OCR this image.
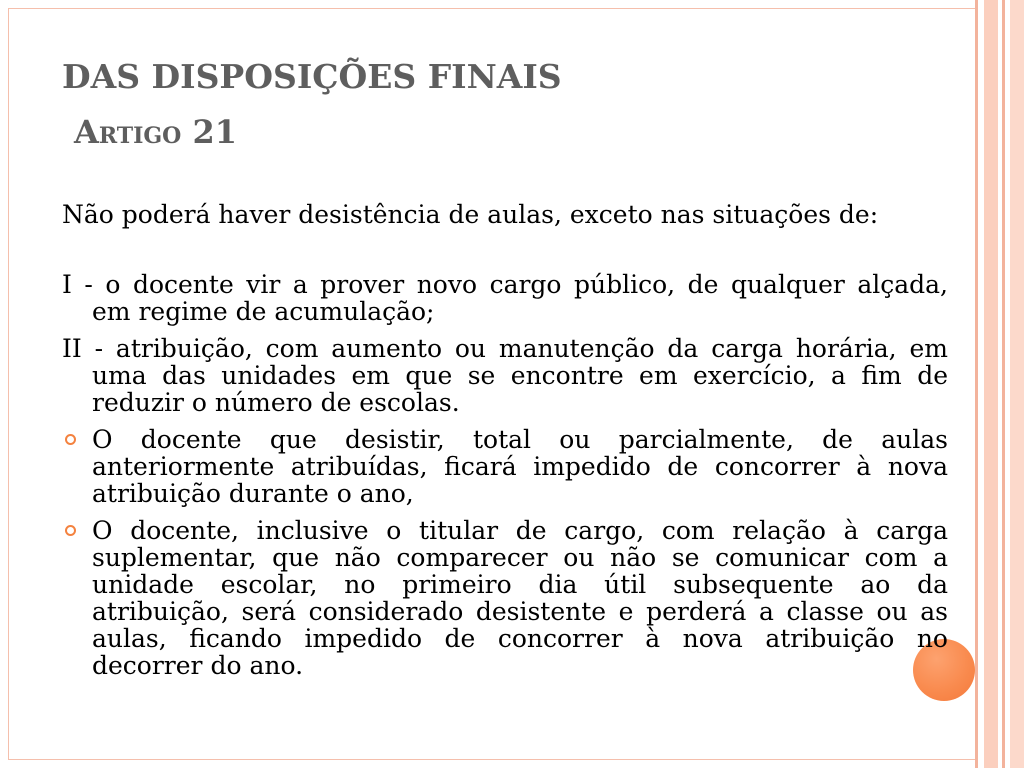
DAS DISPOSIÇÕES FINAIS
Artigo 21

Não poderá haver desistência de aulas, exceto nas situações de:

I - o docente vir a prover novo cargo público, de qualquer alçada,
em regime de acumulação;
II - atribuição, com aumento ou manutenção da carga horária, em
uma das unidades em que se encontre em exercício, a fim de
reduzir o número de escolas.
O docente que desistir, total ou parcialmente, de aulas
anteriormente atribuídas, ficará impedido de concorrer à nova
atribuição durante o ano,
O docente, inclusive o titular de cargo, com relação à carga
suplementar, que não comparecer ou não se comunicar com a
unidade escolar, no primeiro dia útil subsequente ao da
atribuição, será considerado desistente e perderá a classe ou as
aulas, ficando impedido de concorrer à nova atribuição no
decorrer do ano.
